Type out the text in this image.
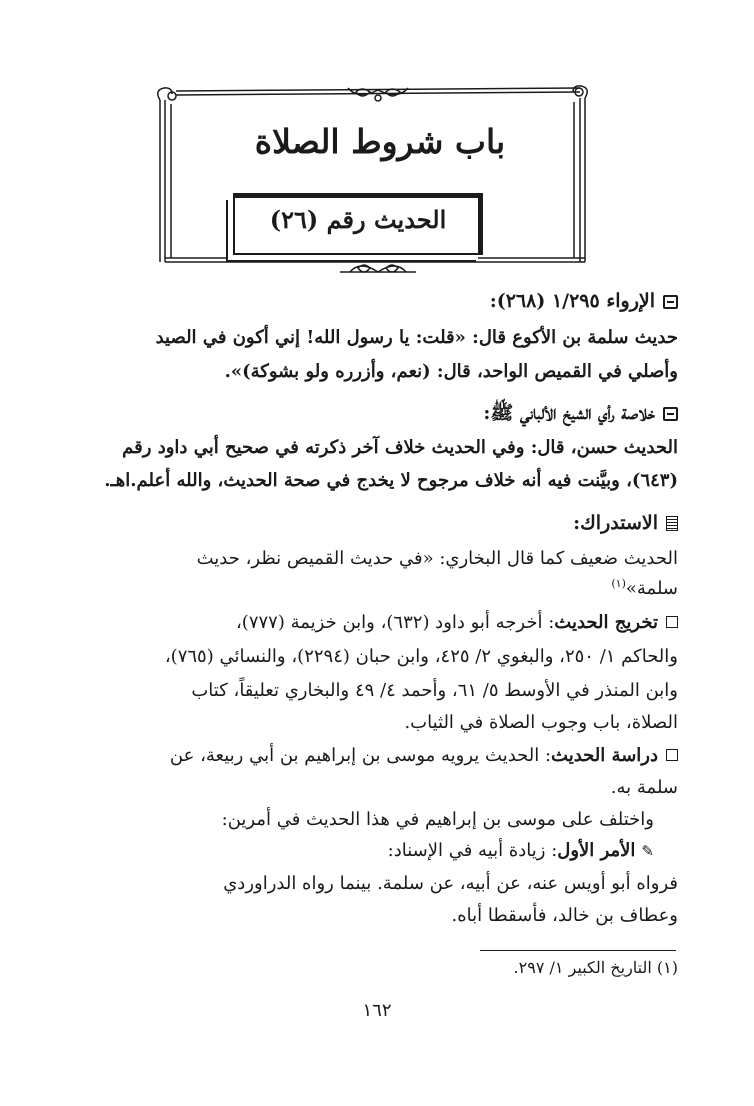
باب شروط الصلاة
الحديث رقم (٢٦)
الإرواء ١/٢٩٥ (٢٦٨):
حديث سلمة بن الأكوع قال: «قلت: يا رسول الله! إني أكون في الصيد
وأصلي في القميص الواحد، قال: (نعم، وأزرره ولو بشوكة)».
خلاصة رأي الشيخ الألباني ﷺ:
الحديث حسن، قال: وفي الحديث خلاف آخر ذكرته في صحيح أبي داود رقم
(٦٤٣)، وبيَّنت فيه أنه خلاف مرجوح لا يخدج في صحة الحديث، والله أعلم.اهـ.
الاستدراك:
الحديث ضعيف كما قال البخاري: «في حديث القميص نظر، حديث
سلمة»$^{(١)}$
تخريج الحديث: أخرجه أبو داود (٦٣٢)، وابن خزيمة (٧٧٧)،
والحاكم ١/ ٢٥٠، والبغوي ٢/ ٤٢٥، وابن حبان (٢٢٩٤)، والنسائي (٧٦٥)،
وابن المنذر في الأوسط ٥/ ٦١، وأحمد ٤/ ٤٩ والبخاري تعليقاً، كتاب
الصلاة، باب وجوب الصلاة في الثياب.
دراسة الحديث: الحديث يرويه موسى بن إبراهيم بن أبي ربيعة، عن
سلمة به.
واختلف على موسى بن إبراهيم في هذا الحديث في أمرين:
✎الأمر الأول: زيادة أبيه في الإسناد:
فرواه أبو أويس عنه، عن أبيه، عن سلمة. بينما رواه الدراوردي
وعطاف بن خالد، فأسقطا أباه.
(١) التاريخ الكبير ١/ ٢٩٧.
١٦٢
